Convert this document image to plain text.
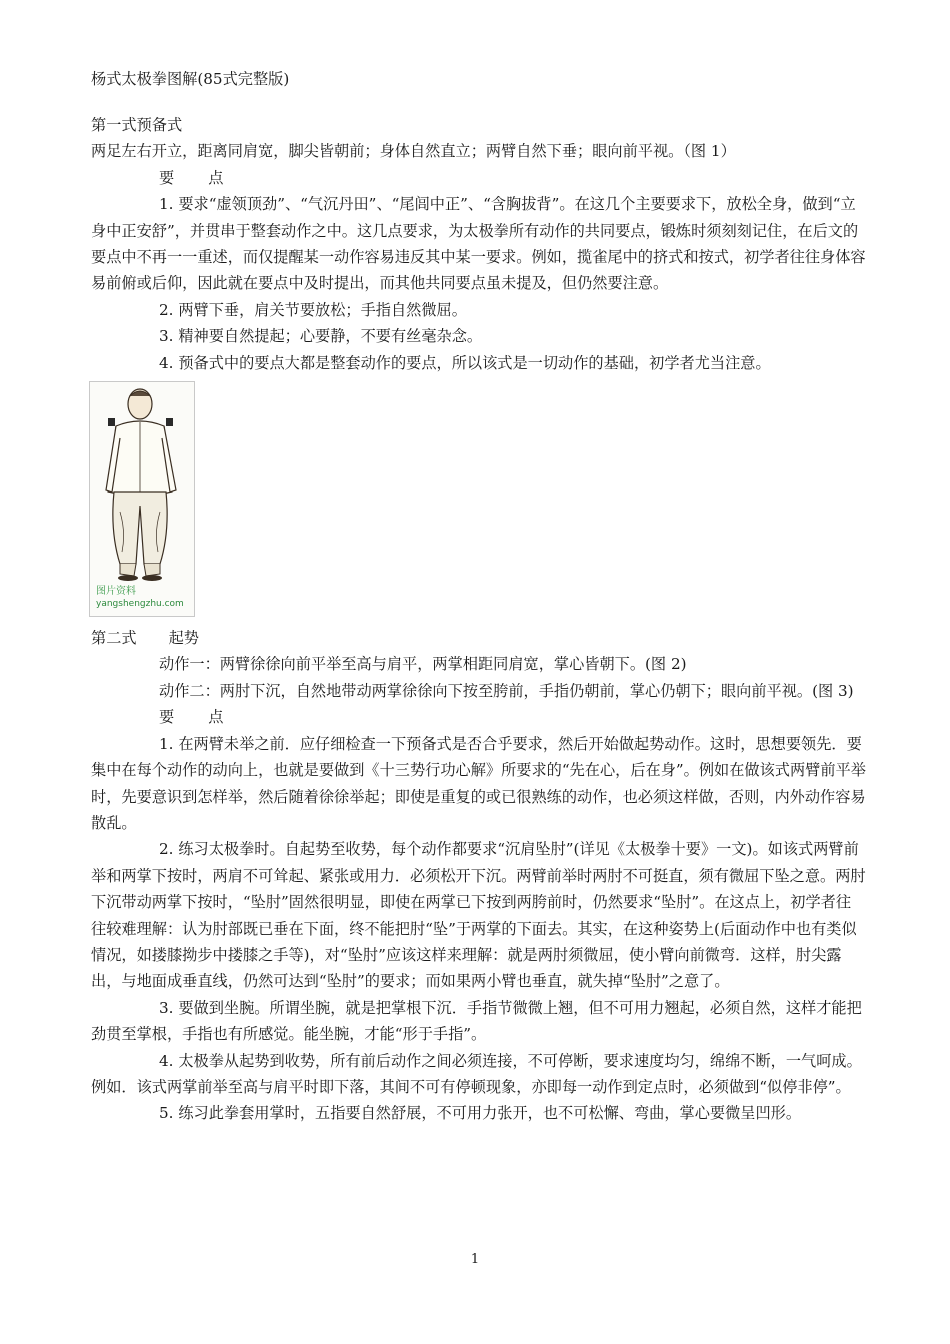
杨式太极拳图解(85式完整版)

第一式预备式

两足左右开立，距离同肩宽，脚尖皆朝前；身体自然直立；两臂自然下垂；眼向前平视。（图 1）

要 点

1. 要求“虚领顶劲”、“气沉丹田”、“尾闾中正”、“含胸拔背”。在这几个主要要求下，放松全身，做到“立身中正安舒”，并贯串于整套动作之中。这几点要求，为太极拳所有动作的共同要点，锻炼时须刻刻记住，在后文的要点中不再一一重述，而仅提醒某一动作容易违反其中某一要求。例如，揽雀尾中的挤式和按式，初学者往往身体容易前俯或后仰，因此就在要点中及时提出，而其他共同要点虽未提及，但仍然要注意。

2. 两臂下垂，肩关节要放松；手指自然微屈。

3. 精神要自然提起；心要静，不要有丝毫杂念。

4. 预备式中的要点大都是整套动作的要点，所以该式是一切动作的基础，初学者尤当注意。

图片资料
yangshengzhu.com

第二式 起势

动作一：两臂徐徐向前平举至高与肩平，两掌相距同肩宽，掌心皆朝下。(图 2)

动作二：两肘下沉，自然地带动两掌徐徐向下按至胯前，手指仍朝前，掌心仍朝下；眼向前平视。(图 3)

要 点

1. 在两臂未举之前．应仔细检查一下预备式是否合乎要求，然后开始做起势动作。这时，思想要领先．要集中在每个动作的动向上，也就是要做到《十三势行功心解》所要求的“先在心，后在身”。例如在做该式两臂前平举时，先要意识到怎样举，然后随着徐徐举起；即使是重复的或已很熟练的动作，也必须这样做，否则，内外动作容易散乱。

2. 练习太极拳时。自起势至收势，每个动作都要求“沉肩坠肘”(详见《太极拳十要》一文)。如该式两臂前举和两掌下按时，两肩不可耸起、紧张或用力．必须松开下沉。两臂前举时两肘不可挺直，须有微屈下坠之意。两肘下沉带动两掌下按时，“坠肘”固然很明显，即使在两掌已下按到两胯前时，仍然要求“坠肘”。在这点上，初学者往往较难理解：认为肘部既已垂在下面，终不能把肘“坠”于两掌的下面去。其实，在这种姿势上(后面动作中也有类似情况，如搂膝拗步中搂膝之手等)，对“坠肘”应该这样来理解：就是两肘须微屈，使小臂向前微弯．这样，肘尖露出，与地面成垂直线，仍然可达到“坠肘”的要求；而如果两小臂也垂直，就失掉“坠肘”之意了。

3. 要做到坐腕。所谓坐腕，就是把掌根下沉．手指节微微上翘，但不可用力翘起，必须自然，这样才能把劲贯至掌根，手指也有所感觉。能坐腕，才能“形于手指”。

4. 太极拳从起势到收势，所有前后动作之间必须连接，不可停断，要求速度均匀，绵绵不断，一气呵成。例如．该式两掌前举至高与肩平时即下落，其间不可有停顿现象，亦即每一动作到定点时，必须做到“似停非停”。

5. 练习此拳套用掌时，五指要自然舒展，不可用力张开，也不可松懈、弯曲，掌心要微呈凹形。

1
